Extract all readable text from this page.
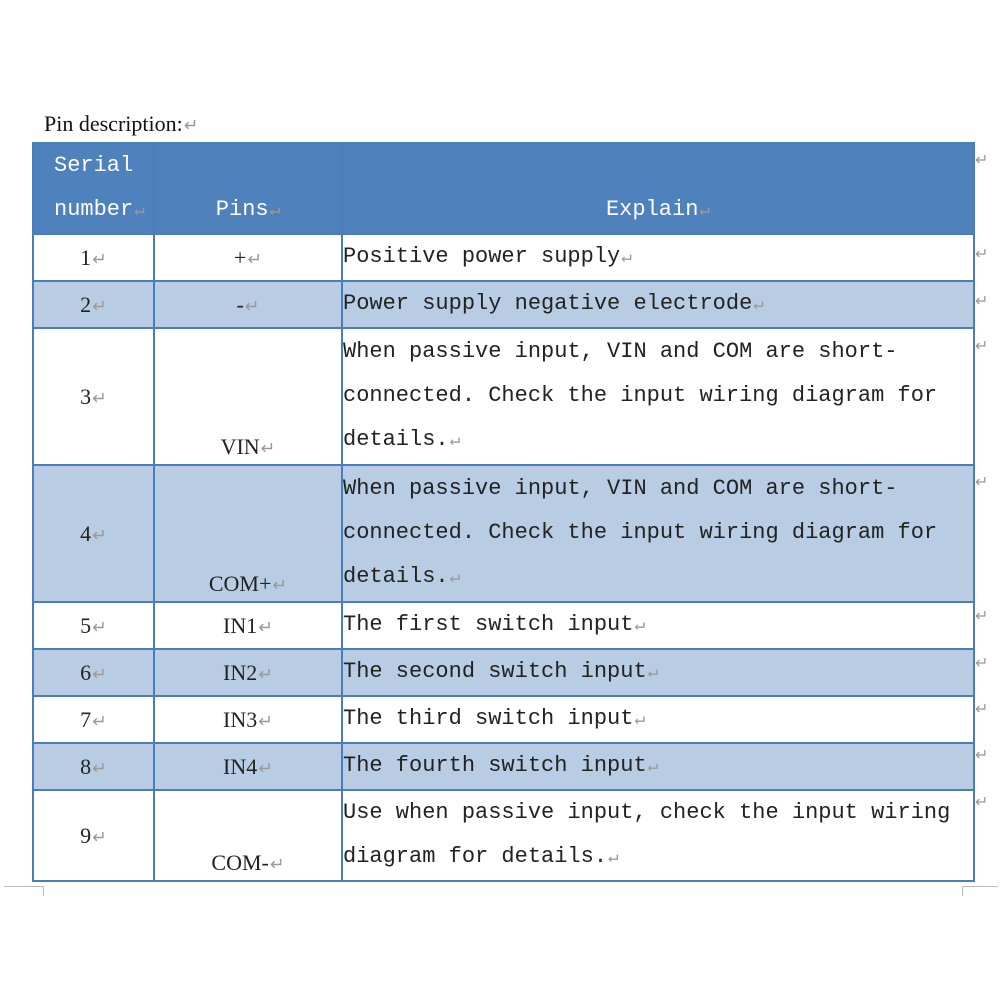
Pin description:↵
Serial
number↵	Pins↵	Explain↵
1↵	+↵	Positive power supply↵
2↵	-↵	Power supply negative electrode↵
3↵	VIN↵	When passive input, VIN and COM are short-connected. Check the input wiring diagram for details.↵
4↵	COM+↵	When passive input, VIN and COM are short-connected. Check the input wiring diagram for details.↵
5↵	IN1↵	The first switch input↵
6↵	IN2↵	The second switch input↵
7↵	IN3↵	The third switch input↵
8↵	IN4↵	The fourth switch input↵
9↵	COM-↵	Use when passive input, check the input wiring diagram for details.↵
↵
↵
↵
↵
↵
↵
↵
↵
↵
↵
